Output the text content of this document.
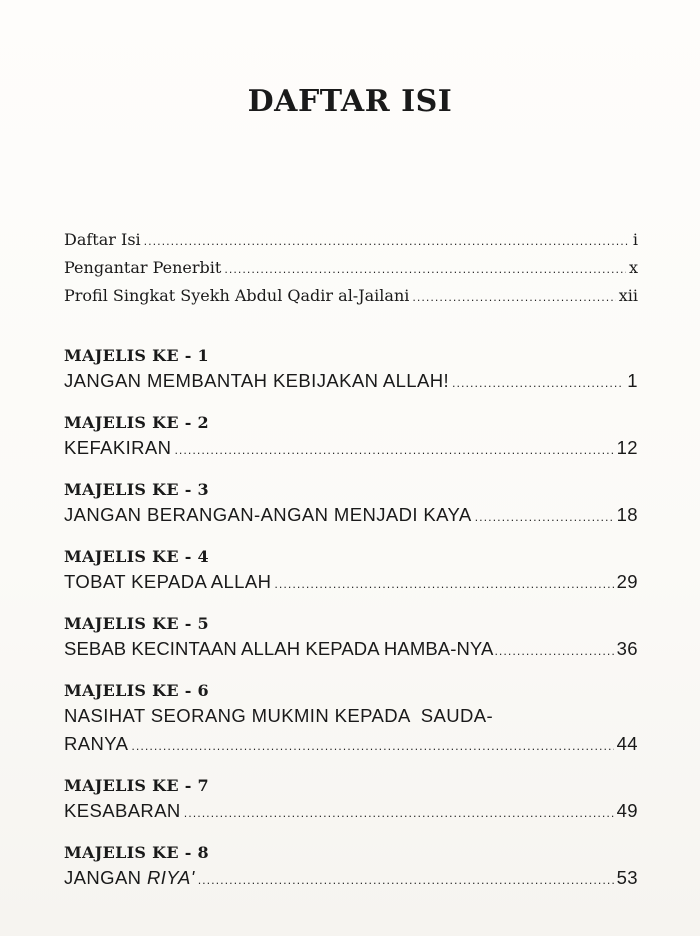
DAFTAR ISI
Daftar Isi .....	i
Pengantar Penerbit .....	x
Profil Singkat Syekh Abdul Qadir al-Jailani .....	xii
MAJELIS KE - 1
JANGAN MEMBANTAH KEBIJAKAN ALLAH! .....	1
MAJELIS KE - 2
KEFAKIRAN .....	12
MAJELIS KE - 3
JANGAN BERANGAN-ANGAN MENJADI KAYA .....	18
MAJELIS KE - 4
TOBAT KEPADA ALLAH .....	29
MAJELIS KE - 5
SEBAB KECINTAAN ALLAH KEPADA HAMBA-NYA .....	36
MAJELIS KE - 6
NASIHAT SEORANG MUKMIN KEPADA  SAUDA-
RANYA .....	44
MAJELIS KE - 7
KESABARAN .....	49
MAJELIS KE - 8
JANGAN RIYA' .....	53
